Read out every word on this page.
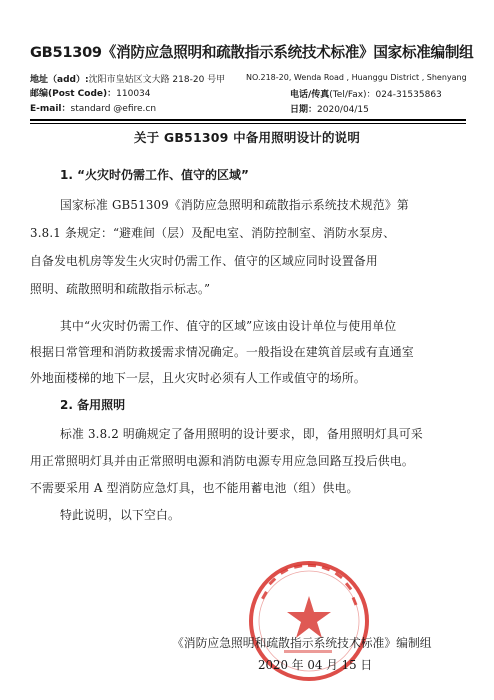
GB51309《消防应急照明和疏散指示系统技术标准》国家标准编制组
地址（add）:沈阳市皇姑区文大路 218-20 号甲	NO.218-20, Wenda Road , Huanggu District , Shenyang
邮编(Post Code)：110034	电话/传真(Tel/Fax)：024-31535863
E-mail：standard @efire.cn	日期：2020/04/15
关于 GB51309 中备用照明设计的说明
1. “火灾时仍需工作、值守的区域”
国家标准 GB51309《消防应急照明和疏散指示系统技术规范》第
3.8.1 条规定：“避难间（层）及配电室、消防控制室、消防水泵房、
自备发电机房等发生火灾时仍需工作、值守的区域应同时设置备用
照明、疏散照明和疏散指示标志。”
其中“火灾时仍需工作、值守的区域”应该由设计单位与使用单位
根据日常管理和消防救援需求情况确定。一般指设在建筑首层或有直通室
外地面楼梯的地下一层，且火灾时必须有人工作或值守的场所。
2. 备用照明
标准 3.8.2 明确规定了备用照明的设计要求，即，备用照明灯具可采
用正常照明灯具并由正常照明电源和消防电源专用应急回路互投后供电。
不需要采用 A 型消防应急灯具，也不能用蓄电池（组）供电。
特此说明，以下空白。
《消防应急照明和疏散指示系统技术标准》编制组
2020 年 04 月 15 日
